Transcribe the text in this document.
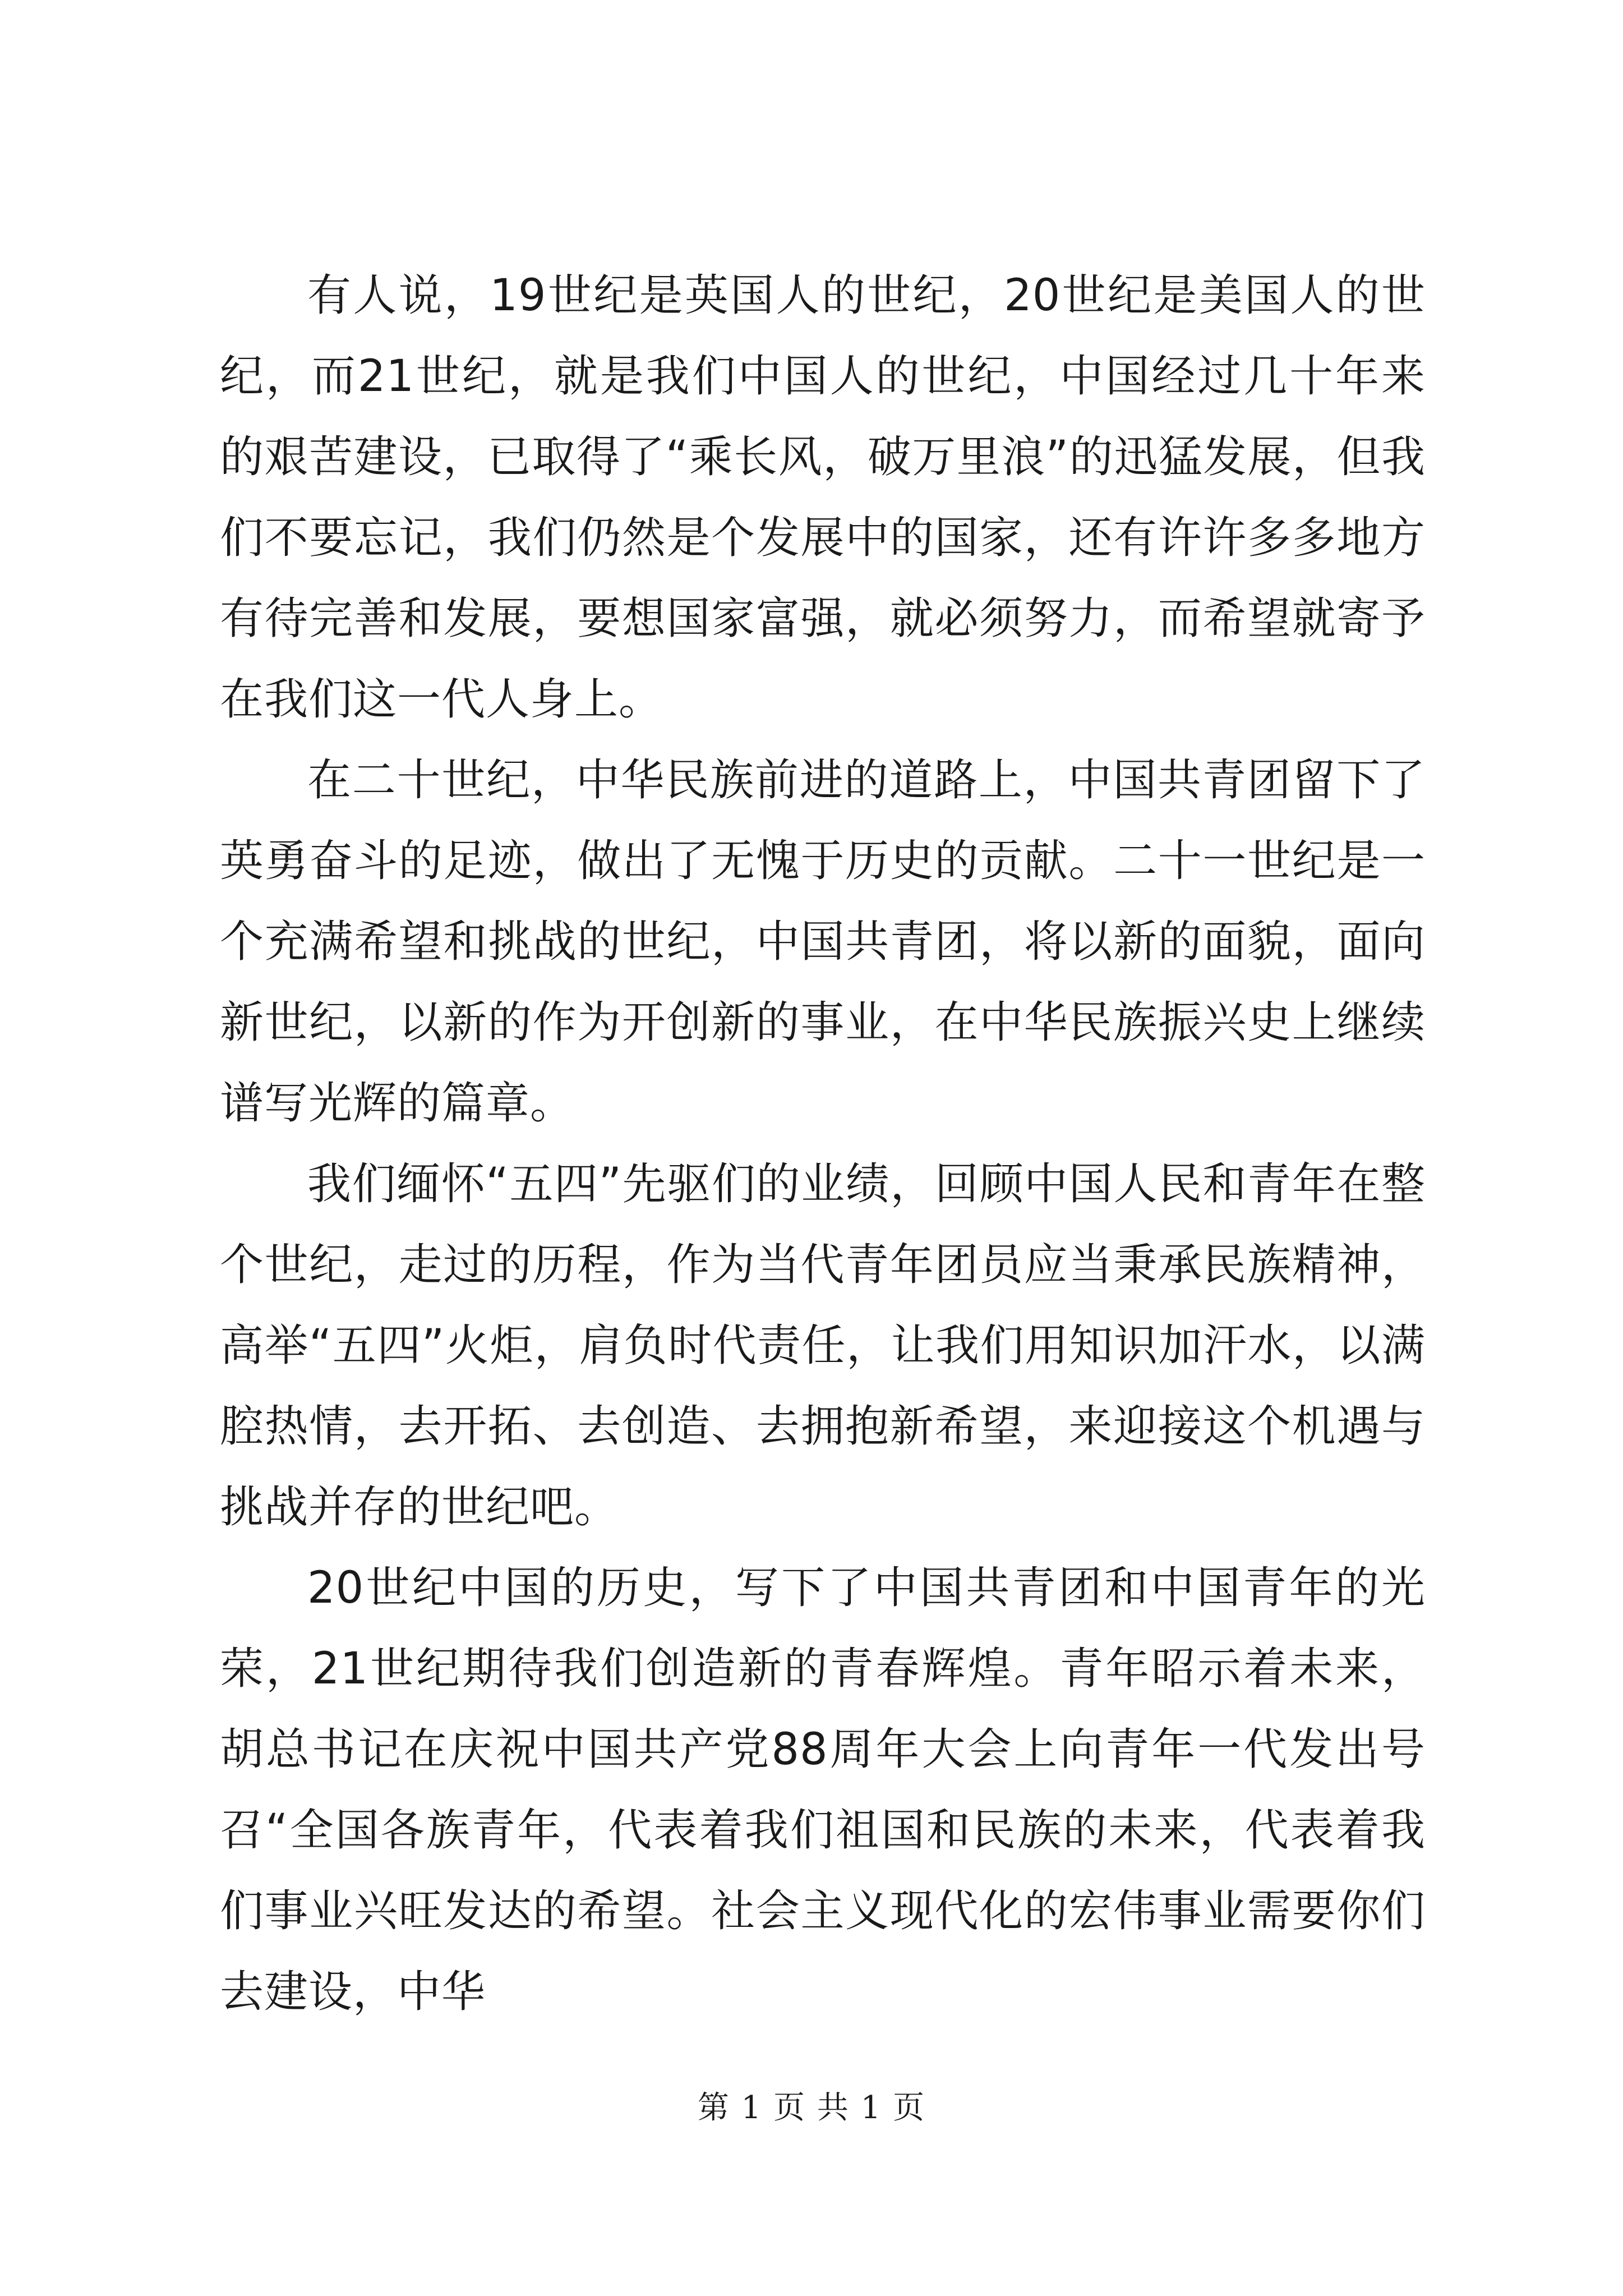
有人说，19世纪是英国人的世纪，20世纪是美国人的世纪，而21世纪，就是我们中国人的世纪，中国经过几十年来的艰苦建设，已取得了“乘长风，破万里浪”的迅猛发展，但我们不要忘记，我们仍然是个发展中的国家，还有许许多多地方有待完善和发展，要想国家富强，就必须努力，而希望就寄予在我们这一代人身上。

在二十世纪，中华民族前进的道路上，中国共青团留下了英勇奋斗的足迹，做出了无愧于历史的贡献。二十一世纪是一个充满希望和挑战的世纪，中国共青团，将以新的面貌，面向新世纪，以新的作为开创新的事业，在中华民族振兴史上继续谱写光辉的篇章。

我们缅怀“五四”先驱们的业绩，回顾中国人民和青年在整个世纪，走过的历程，作为当代青年团员应当秉承民族精神，高举“五四”火炬，肩负时代责任，让我们用知识加汗水，以满腔热情，去开拓、去创造、去拥抱新希望，来迎接这个机遇与挑战并存的世纪吧。

20世纪中国的历史，写下了中国共青团和中国青年的光荣，21世纪期待我们创造新的青春辉煌。青年昭示着未来，胡总书记在庆祝中国共产党88周年大会上向青年一代发出号召“全国各族青年，代表着我们祖国和民族的未来，代表着我们事业兴旺发达的希望。社会主义现代化的宏伟事业需要你们去建设，中华

第 1 页 共 1 页
